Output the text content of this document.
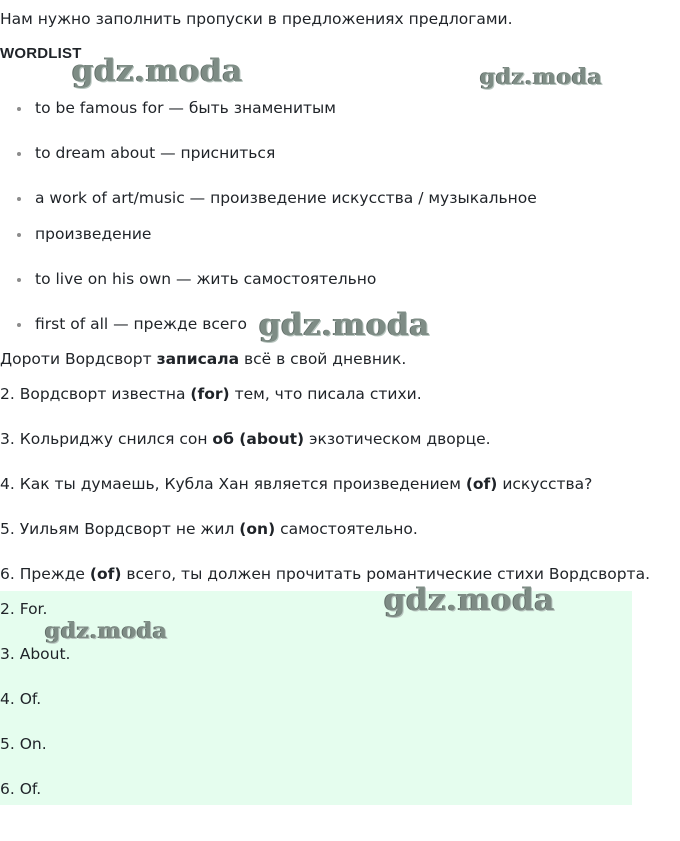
Нам нужно заполнить пропуски в предложениях предлогами.
WORDLIST
to be famous for — быть знаменитым
to dream about — присниться
a work of art/music — произведение искусства / музыкальное
произведение
to live on his own — жить самостоятельно
first of all — прежде всего
Дороти Вордсворт записала всё в свой дневник.
2. Вордсворт известна (for) тем, что писала стихи.
3. Кольриджу снился сон об (about) экзотическом дворце.
4. Как ты думаешь, Кубла Хан является произведением (of) искусства?
5. Уильям Вордсворт не жил (on) самостоятельно.
6. Прежде (of) всего, ты должен прочитать романтические стихи Вордсворта.
2. For.
3. About.
4. Of.
5. On.
6. Of.
gdz.moda	gdz.moda
gdz.moda
gdz.moda
gdz.moda
